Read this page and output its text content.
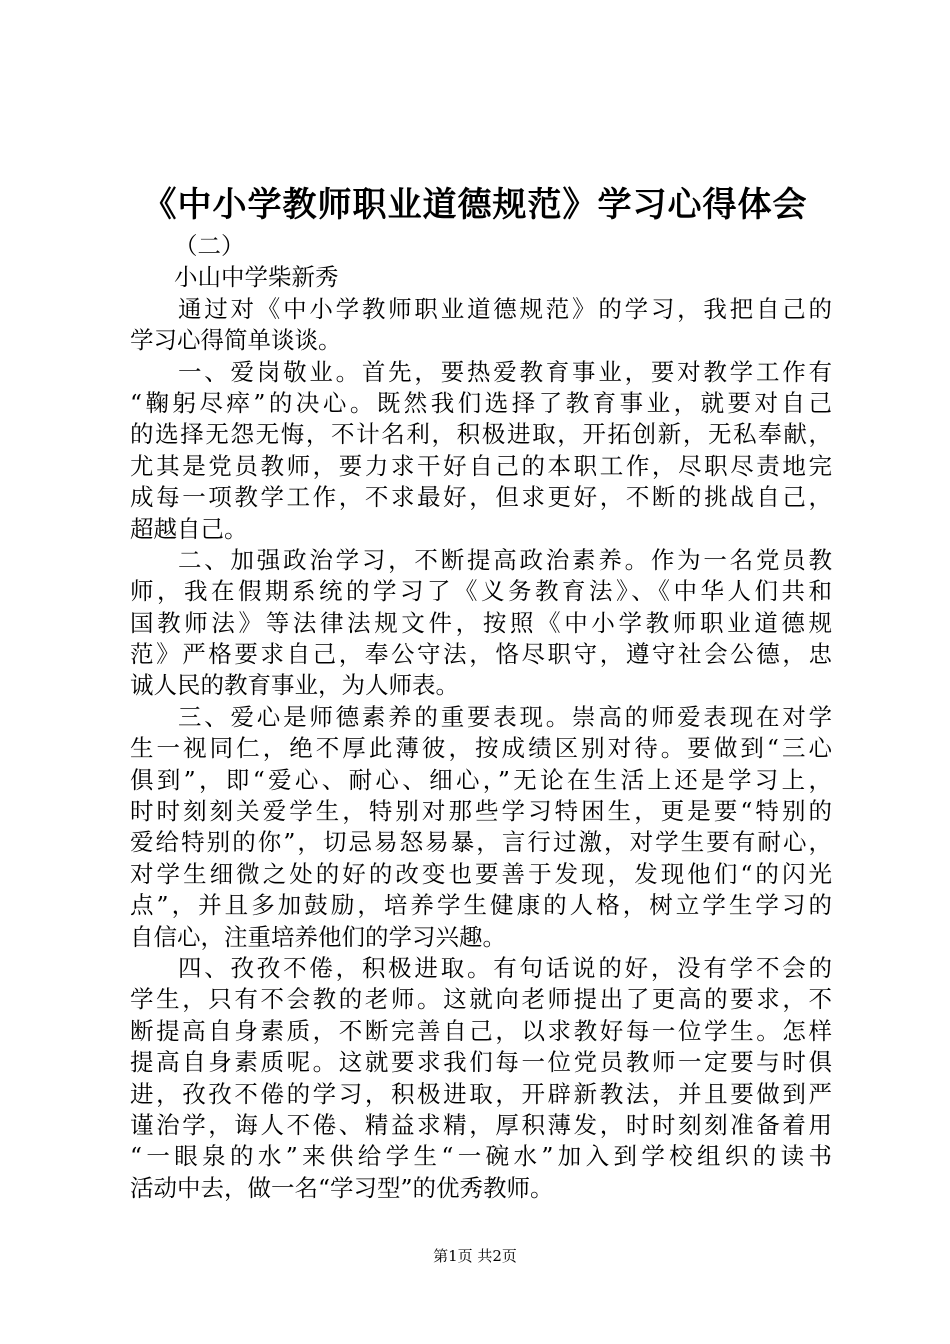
《中小学教师职业道德规范》学习心得体会
（二）
小山中学柴新秀
通过对《中小学教师职业道德规范》的学习，我把自己的
学习心得简单谈谈。
一、爱岗敬业。首先，要热爱教育事业，要对教学工作有
“鞠躬尽瘁”的决心。既然我们选择了教育事业，就要对自己
的选择无怨无悔，不计名利，积极进取，开拓创新，无私奉献，
尤其是党员教师，要力求干好自己的本职工作，尽职尽责地完
成每一项教学工作，不求最好，但求更好，不断的挑战自己，
超越自己。
二、加强政治学习，不断提高政治素养。作为一名党员教
师，我在假期系统的学习了《义务教育法》、《中华人们共和
国教师法》等法律法规文件，按照《中小学教师职业道德规
范》严格要求自己，奉公守法，恪尽职守，遵守社会公德，忠
诚人民的教育事业，为人师表。
三、爱心是师德素养的重要表现。崇高的师爱表现在对学
生一视同仁，绝不厚此薄彼，按成绩区别对待。要做到“三心
俱到”，即“爱心、耐心、细心，”无论在生活上还是学习上，
时时刻刻关爱学生，特别对那些学习特困生，更是要“特别的
爱给特别的你”，切忌易怒易暴，言行过激，对学生要有耐心，
对学生细微之处的好的改变也要善于发现，发现他们“的闪光
点”，并且多加鼓励，培养学生健康的人格，树立学生学习的
自信心，注重培养他们的学习兴趣。
四、孜孜不倦，积极进取。有句话说的好，没有学不会的
学生，只有不会教的老师。这就向老师提出了更高的要求，不
断提高自身素质，不断完善自己，以求教好每一位学生。怎样
提高自身素质呢。这就要求我们每一位党员教师一定要与时俱
进，孜孜不倦的学习，积极进取，开辟新教法，并且要做到严
谨治学，诲人不倦、精益求精，厚积薄发，时时刻刻准备着用
“一眼泉的水”来供给学生“一碗水”加入到学校组织的读书
活动中去，做一名“学习型”的优秀教师。
第1页 共2页
